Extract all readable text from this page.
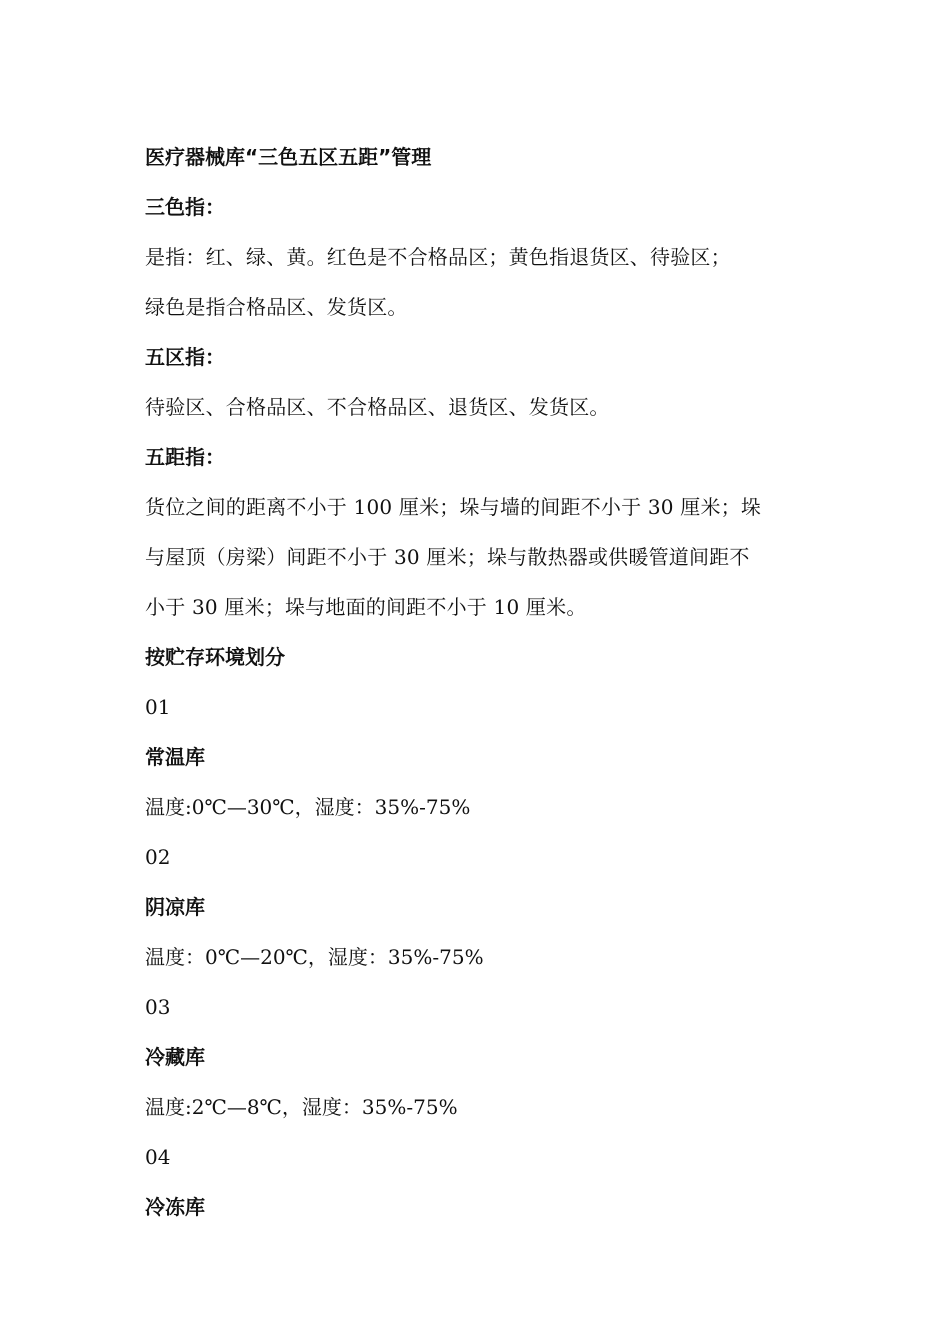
医疗器械库“三色五区五距”管理

三色指：

是指：红、绿、黄。红色是不合格品区；黄色指退货区、待验区；

绿色是指合格品区、发货区。

五区指：

待验区、合格品区、不合格品区、退货区、发货区。

五距指：

货位之间的距离不小于 100 厘米；垛与墙的间距不小于 30 厘米；垛

与屋顶（房梁）间距不小于 30 厘米；垛与散热器或供暖管道间距不

小于 30 厘米；垛与地面的间距不小于 10 厘米。

按贮存环境划分

01

常温库

温度:0℃—30℃，湿度：35%-75%

02

阴凉库

温度：0℃—20℃，湿度：35%-75%

03

冷藏库

温度:2℃—8℃，湿度：35%-75%

04

冷冻库
